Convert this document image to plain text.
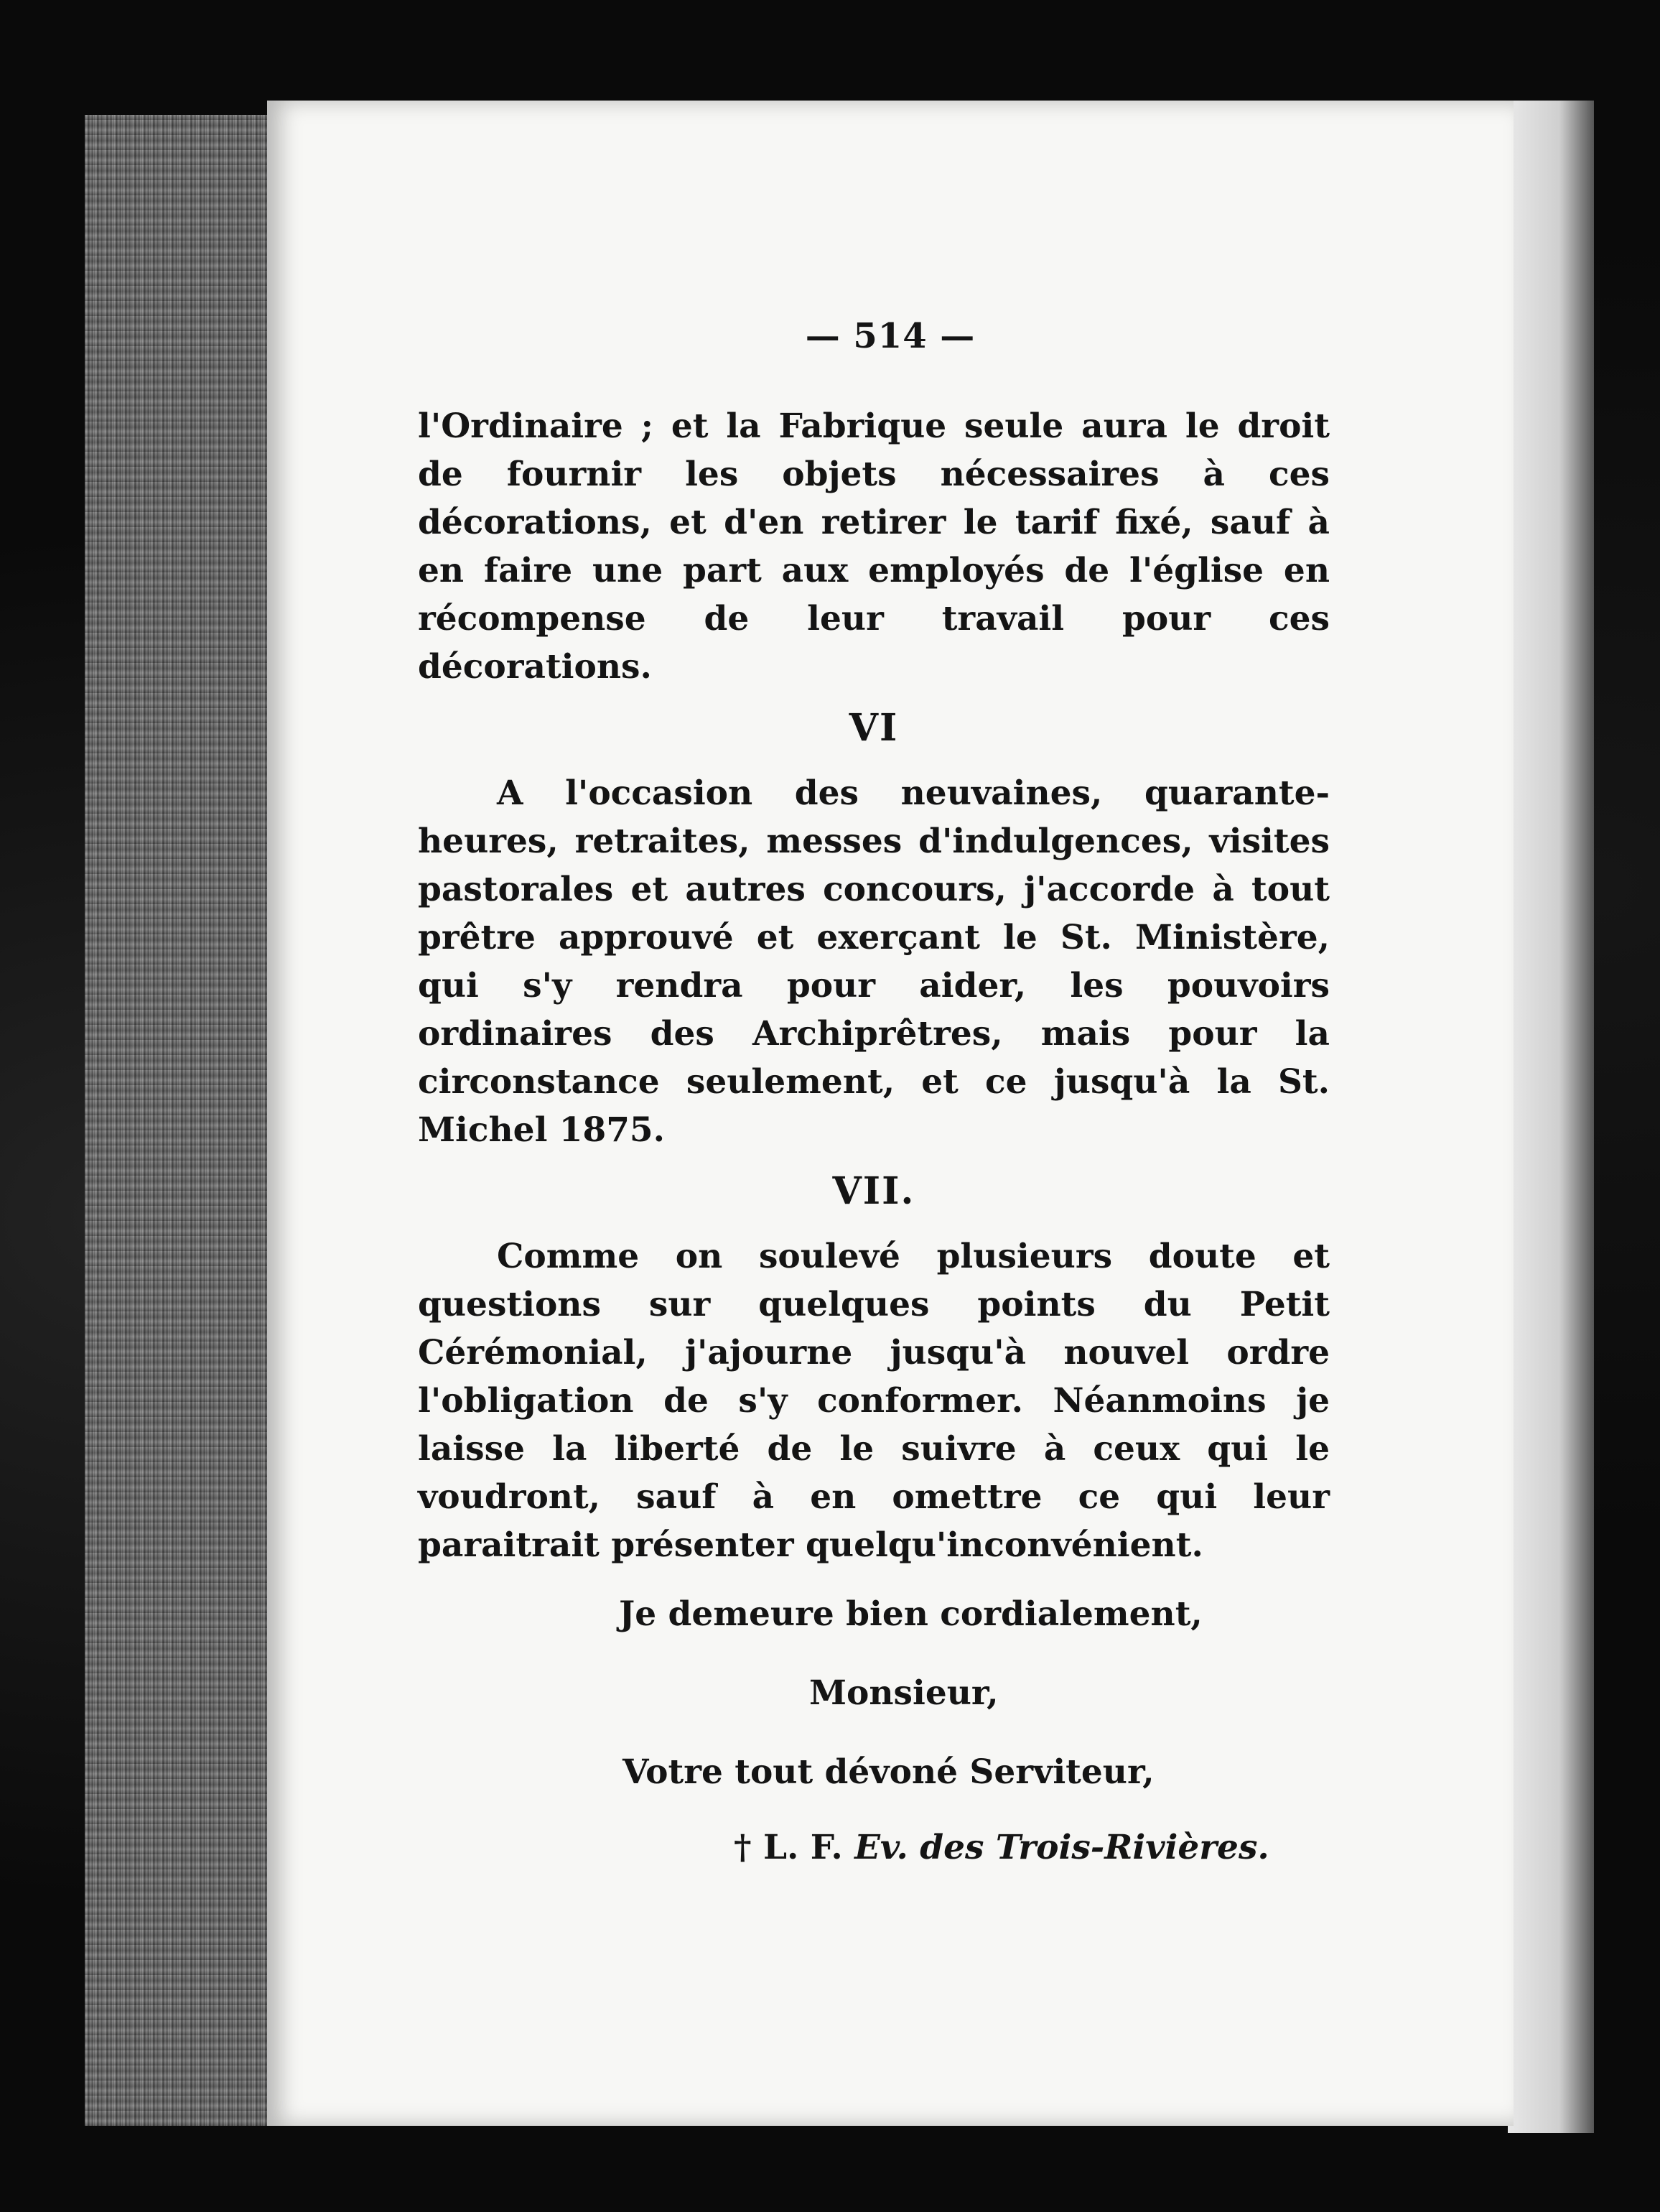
— 514 —

l'Ordinaire ; et la Fabrique seule aura le droit de fournir les objets nécessaires à ces décorations, et d'en retirer le tarif fixé, sauf à en faire une part aux employés de l'église en récompense de leur travail pour ces décorations.

VI

A l'occasion des neuvaines, quarante-heures, retraites, messes d'indulgences, visites pastorales et autres concours, j'accorde à tout prêtre approuvé et exerçant le St. Ministère, qui s'y rendra pour aider, les pouvoirs ordinaires des Archiprêtres, mais pour la circonstance seulement, et ce jusqu'à la St. Michel 1875.

VII.

Comme on soulevé plusieurs doute et questions sur quelques points du Petit Cérémonial, j'ajourne jusqu'à nouvel ordre l'obligation de s'y conformer. Néanmoins je laisse la liberté de le suivre à ceux qui le voudront, sauf à en omettre ce qui leur paraitrait présenter quelqu'inconvénient.

Je demeure bien cordialement,
Monsieur,
Votre tout dévoné Serviteur,
† L. F. Ev. des Trois-Rivières.
